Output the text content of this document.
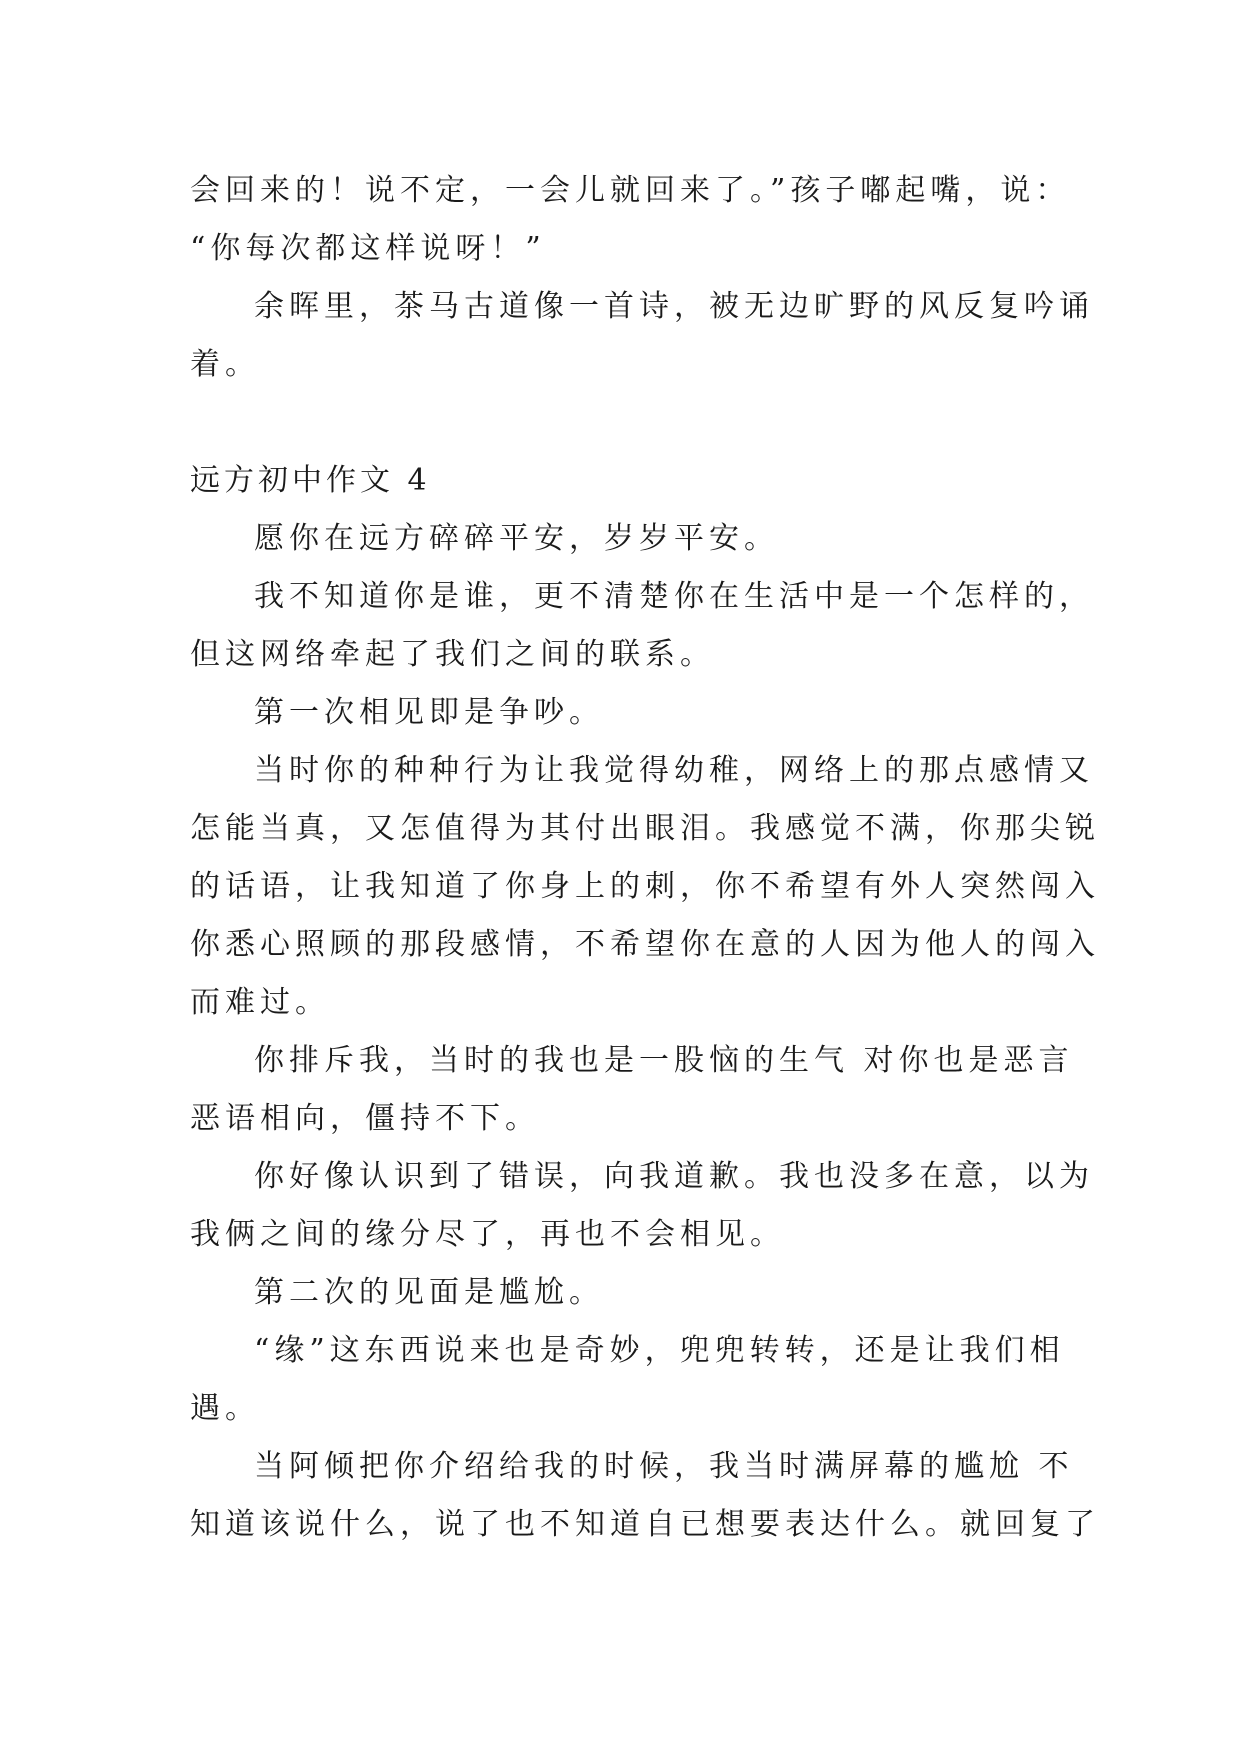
会回来的！说不定，一会儿就回来了。”孩子嘟起嘴，说：
“你每次都这样说呀！”
余晖里，茶马古道像一首诗，被无边旷野的风反复吟诵
着。
远方初中作文 4
愿你在远方碎碎平安，岁岁平安。
我不知道你是谁，更不清楚你在生活中是一个怎样的，
但这网络牵起了我们之间的联系。
第一次相见即是争吵。
当时你的种种行为让我觉得幼稚，网络上的那点感情又
怎能当真，又怎值得为其付出眼泪。我感觉不满，你那尖锐
的话语，让我知道了你身上的刺，你不希望有外人突然闯入
你悉心照顾的那段感情，不希望你在意的人因为他人的闯入
而难过。
你排斥我，当时的我也是一股恼的生气 对你也是恶言
恶语相向，僵持不下。
你好像认识到了错误，向我道歉。我也没多在意，以为
我俩之间的缘分尽了，再也不会相见。
第二次的见面是尴尬。
“缘”这东西说来也是奇妙，兜兜转转，还是让我们相
遇。
当阿倾把你介绍给我的时候，我当时满屏幕的尴尬 不
知道该说什么，说了也不知道自已想要表达什么。就回复了
